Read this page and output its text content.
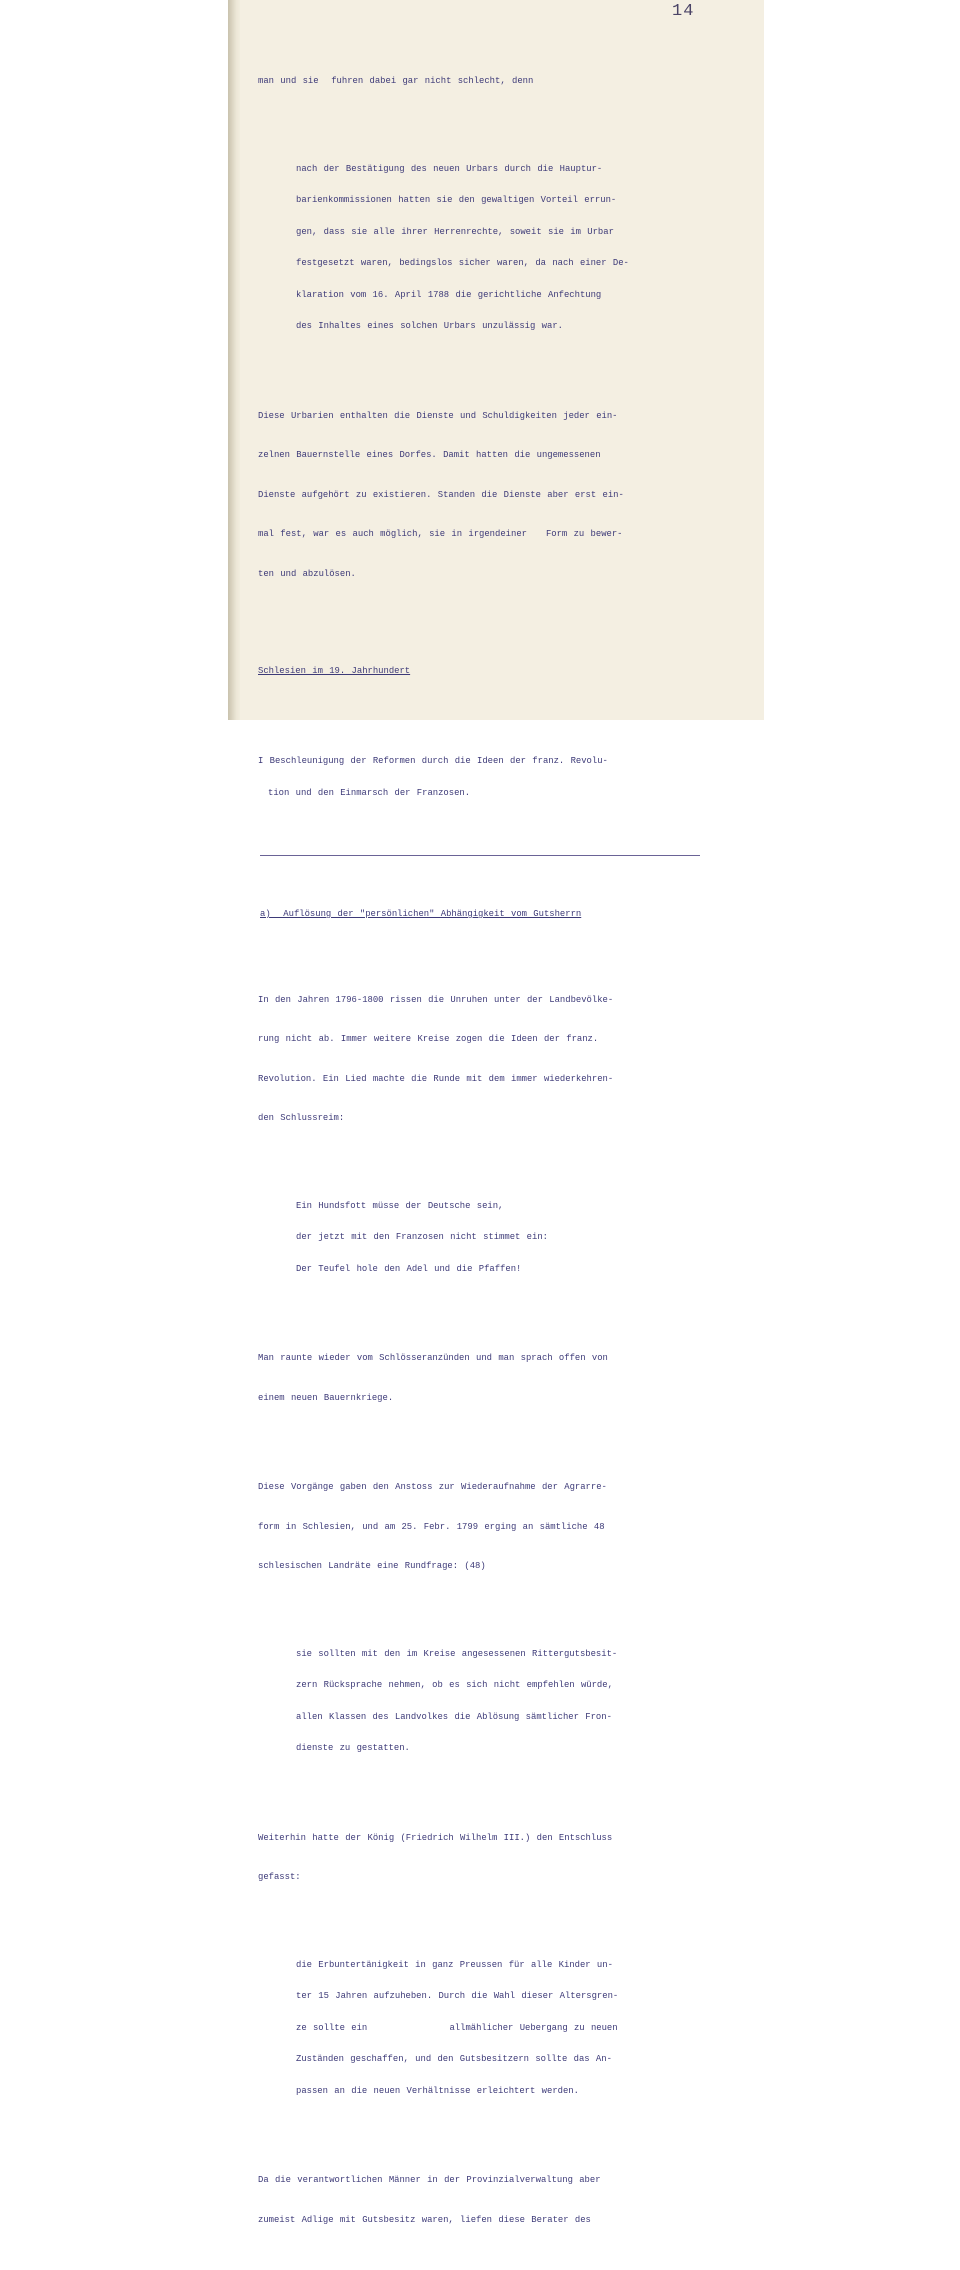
14

man und sie  fuhren dabei gar nicht schlecht, denn

nach der Bestätigung des neuen Urbars durch die Hauptur-

barienkommissionen hatten sie den gewaltigen Vorteil errun-

gen, dass sie alle ihrer Herrenrechte, soweit sie im Urbar

festgesetzt waren, bedingslos sicher waren, da nach einer De-

klaration vom 16. April 1788 die gerichtliche Anfechtung

des Inhaltes eines solchen Urbars unzulässig war.

Diese Urbarien enthalten die Dienste und Schuldigkeiten jeder ein-

zelnen Bauernstelle eines Dorfes. Damit hatten die ungemessenen

Dienste aufgehört zu existieren. Standen die Dienste aber erst ein-

mal fest, war es auch möglich, sie in irgendeiner   Form zu bewer-

ten und abzulösen.

Schlesien im 19. Jahrhundert

I Beschleunigung der Reformen durch die Ideen der franz. Revolu-

tion und den Einmarsch der Franzosen.

a)  Auflösung der "persönlichen" Abhängigkeit vom Gutsherrn

In den Jahren 1796-1800 rissen die Unruhen unter der Landbevölke-

rung nicht ab. Immer weitere Kreise zogen die Ideen der franz.

Revolution. Ein Lied machte die Runde mit dem immer wiederkehren-

den Schlussreim:

Ein Hundsfott müsse der Deutsche sein,

der jetzt mit den Franzosen nicht stimmet ein:

Der Teufel hole den Adel und die Pfaffen!

Man raunte wieder vom Schlösseranzünden und man sprach offen von

einem neuen Bauernkriege.

Diese Vorgänge gaben den Anstoss zur Wiederaufnahme der Agrarre-

form in Schlesien, und am 25. Febr. 1799 erging an sämtliche 48

schlesischen Landräte eine Rundfrage: (48)

sie sollten mit den im Kreise angesessenen Rittergutsbesit-

zern Rücksprache nehmen, ob es sich nicht empfehlen würde,

allen Klassen des Landvolkes die Ablösung sämtlicher Fron-

dienste zu gestatten.

Weiterhin hatte der König (Friedrich Wilhelm III.) den Entschluss

gefasst:

die Erbuntertänigkeit in ganz Preussen für alle Kinder un-

ter 15 Jahren aufzuheben. Durch die Wahl dieser Altersgren-

ze sollte ein             allmählicher Uebergang zu neuen

Zuständen geschaffen, und den Gutsbesitzern sollte das An-

passen an die neuen Verhältnisse erleichtert werden.

Da die verantwortlichen Männer in der Provinzialverwaltung aber

zumeist Adlige mit Gutsbesitz waren, liefen diese Berater des
